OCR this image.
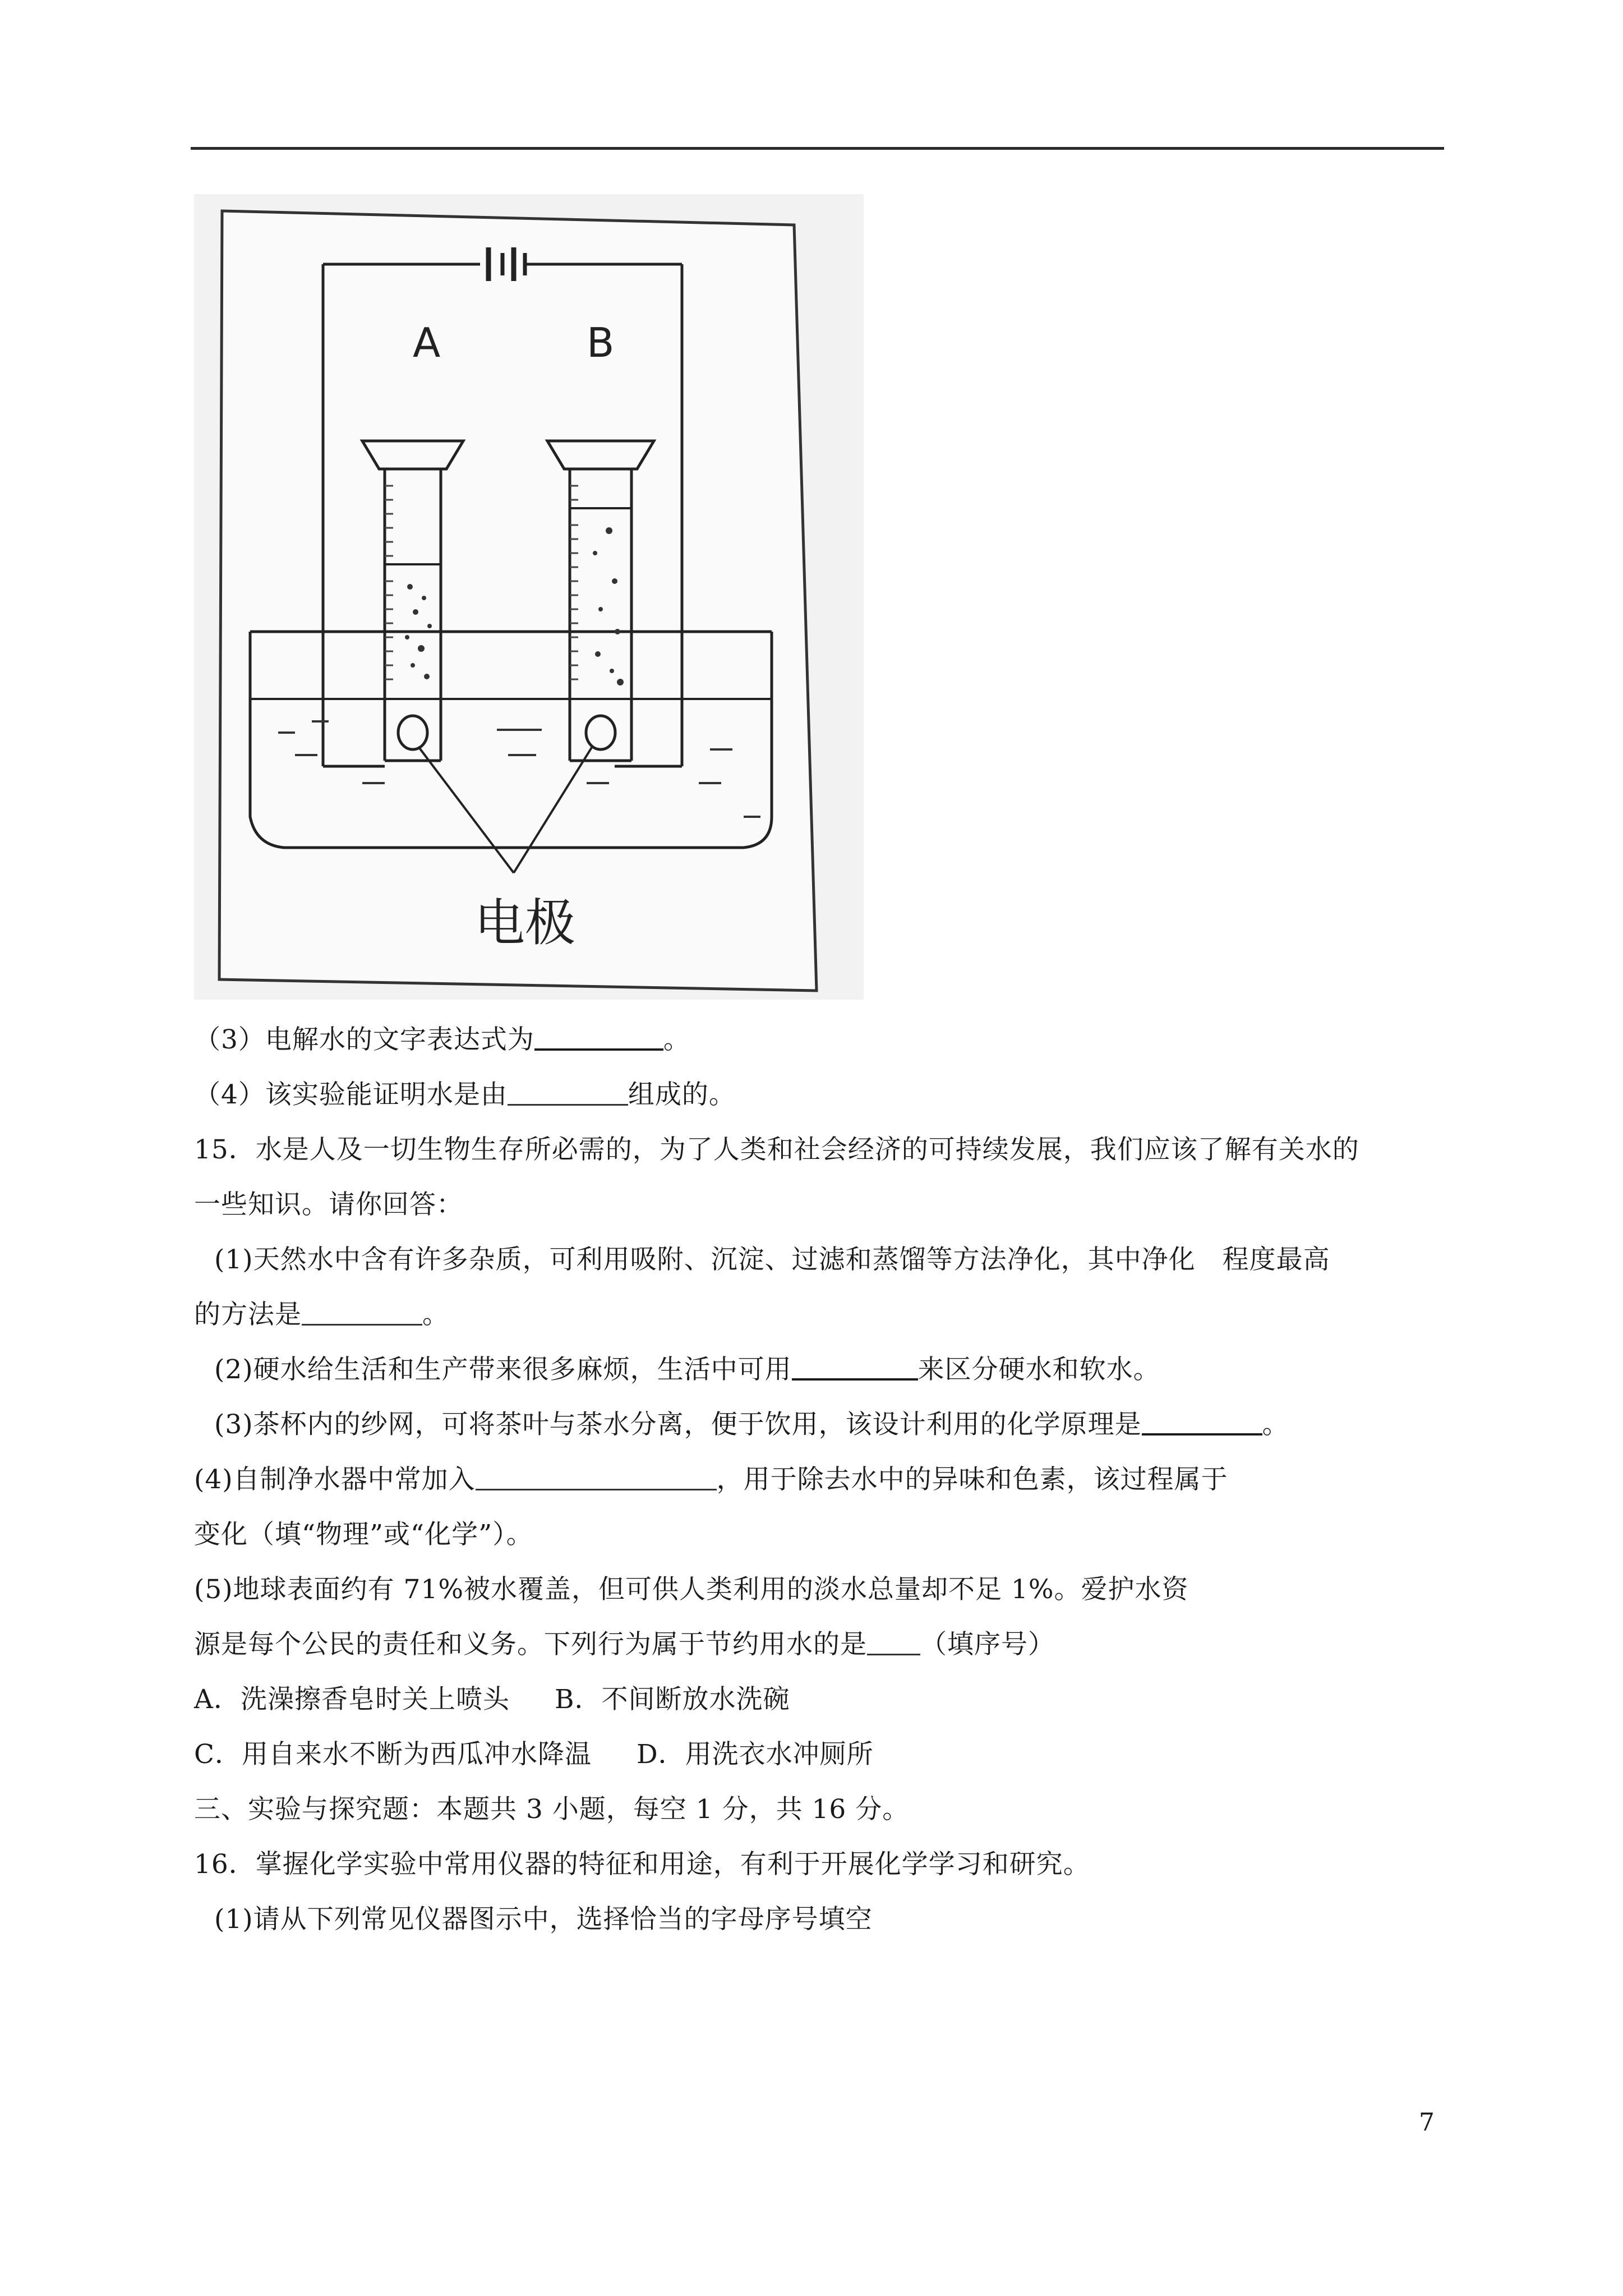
A	B
电极
（3）电解水的文字表达式为	。
（4）该实验能证明水是由	组成的。
15．水是人及一切生物生存所必需的，为了人类和社会经济的可持续发展，我们应该了解有关水的
一些知识。请你回答：
(1)天然水中含有许多杂质，可利用吸附、沉淀、过滤和蒸馏等方法净化，其中净化　程度最高
的方法是	。
(2)硬水给生活和生产带来很多麻烦，生活中可用	来区分硬水和软水。
(3)茶杯内的纱网，可将茶叶与茶水分离，便于饮用，该设计利用的化学原理是	。
(4)自制净水器中常加入	，用于除去水中的异味和色素，该过程属于
变化（填“物理”或“化学”）。
(5)地球表面约有 71%被水覆盖，但可供人类利用的淡水总量却不足 1%。爱护水资
源是每个公民的责任和义务。下列行为属于节约用水的是 （填序号）
A．洗澡擦香皂时关上喷头 B．不间断放水洗碗
C．用自来水不断为西瓜冲水降温 D．用洗衣水冲厕所
三、实验与探究题：本题共 3 小题，每空 1 分，共 16 分。
16．掌握化学实验中常用仪器的特征和用途，有利于开展化学学习和研究。
(1)请从下列常见仪器图示中，选择恰当的字母序号填空
7
